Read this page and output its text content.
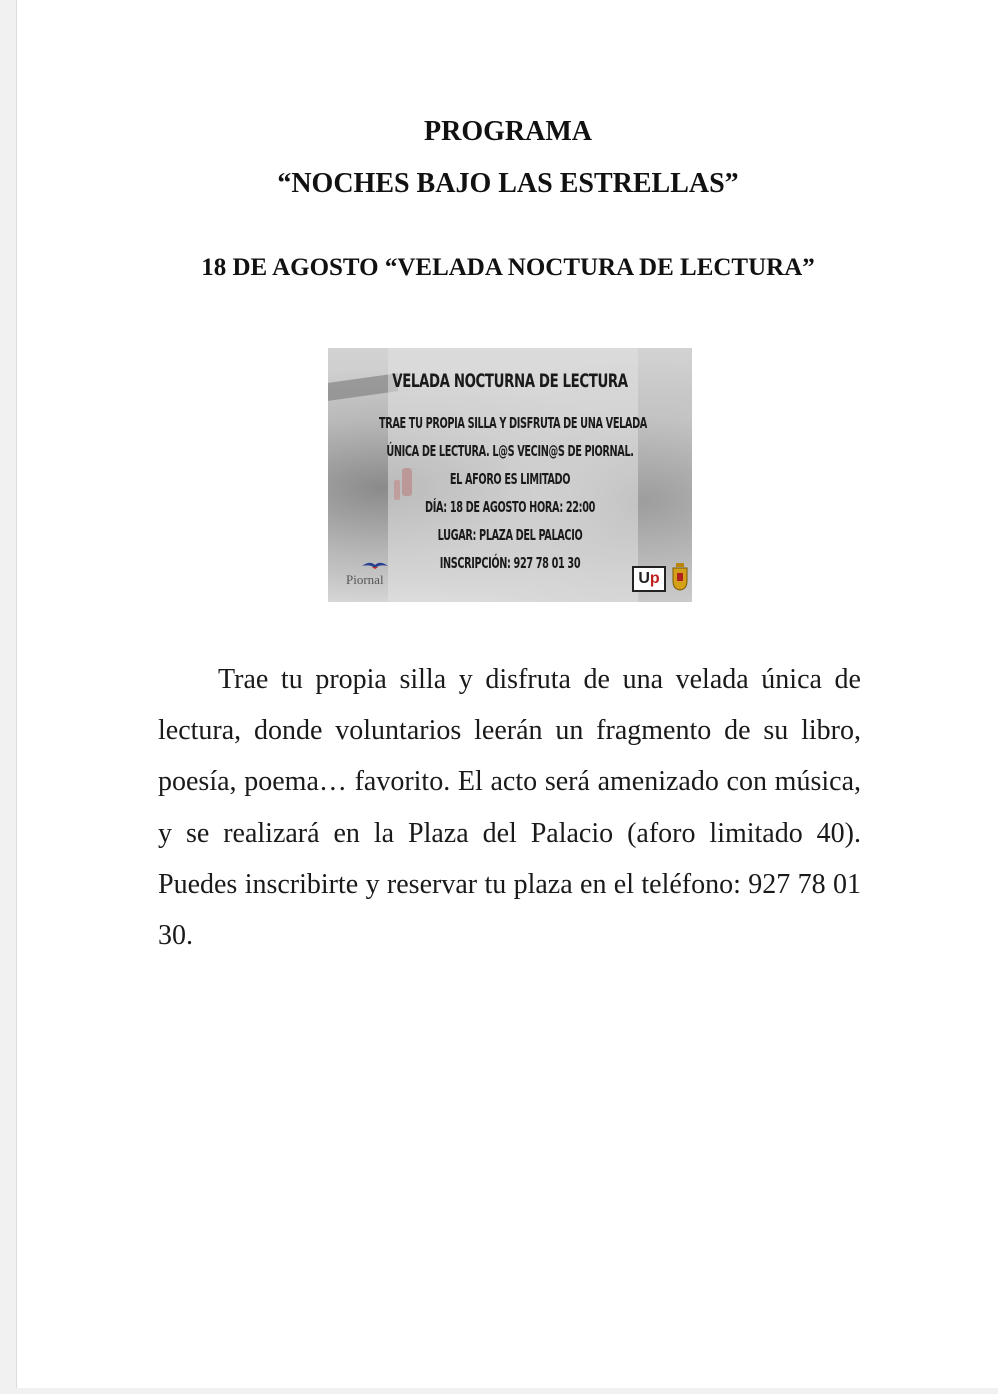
PROGRAMA
“NOCHES BAJO LAS ESTRELLAS”
18 DE AGOSTO “VELADA NOCTURA DE LECTURA”

VELADA NOCTURNA DE LECTURA

TRAE TU PROPIA SILLA Y DISFRUTA DE UNA VELADA

ÚNICA DE LECTURA. L@S VECIN@S DE PIORNAL.

EL AFORO ES LIMITADO

DÍA: 18 DE AGOSTO HORA: 22:00

LUGAR: PLAZA DEL PALACIO

INSCRIPCIÓN: 927 78 01 30

Piornal	Up

Trae tu propia silla y disfruta de una velada única de lectura, donde voluntarios leerán un fragmento de su libro, poesía, poema… favorito. El acto será amenizado con música, y se realizará en la Plaza del Palacio (aforo limitado 40). Puedes inscribirte y reservar tu plaza en el teléfono: 927 78 01 30.
